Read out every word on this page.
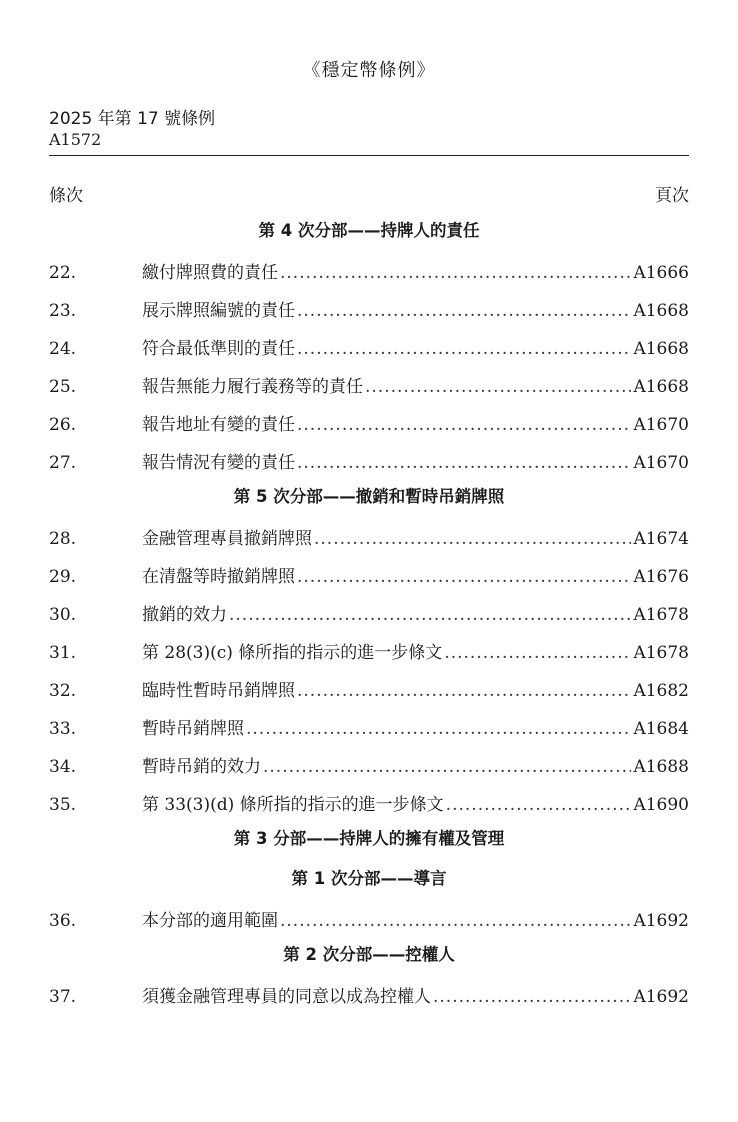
《穩定幣條例》
2025 年第 17 號條例
A1572
條次	頁次
第 4 次分部——持牌人的責任
22.	繳付牌照費的責任 .....	A1666
23.	展示牌照編號的責任 .....	A1668
24.	符合最低準則的責任 .....	A1668
25.	報告無能力履行義務等的責任 .....	A1668
26.	報告地址有變的責任 .....	A1670
27.	報告情況有變的責任 .....	A1670
第 5 次分部——撤銷和暫時吊銷牌照
28.	金融管理專員撤銷牌照 .....	A1674
29.	在清盤等時撤銷牌照 .....	A1676
30.	撤銷的效力 .....	A1678
31.	第 28(3)(c) 條所指的指示的進一步條文 .....	A1678
32.	臨時性暫時吊銷牌照 .....	A1682
33.	暫時吊銷牌照 .....	A1684
34.	暫時吊銷的效力 .....	A1688
35.	第 33(3)(d) 條所指的指示的進一步條文 .....	A1690
第 3 分部——持牌人的擁有權及管理
第 1 次分部——導言
36.	本分部的適用範圍 .....	A1692
第 2 次分部——控權人
37.	須獲金融管理專員的同意以成為控權人 .....	A1692
